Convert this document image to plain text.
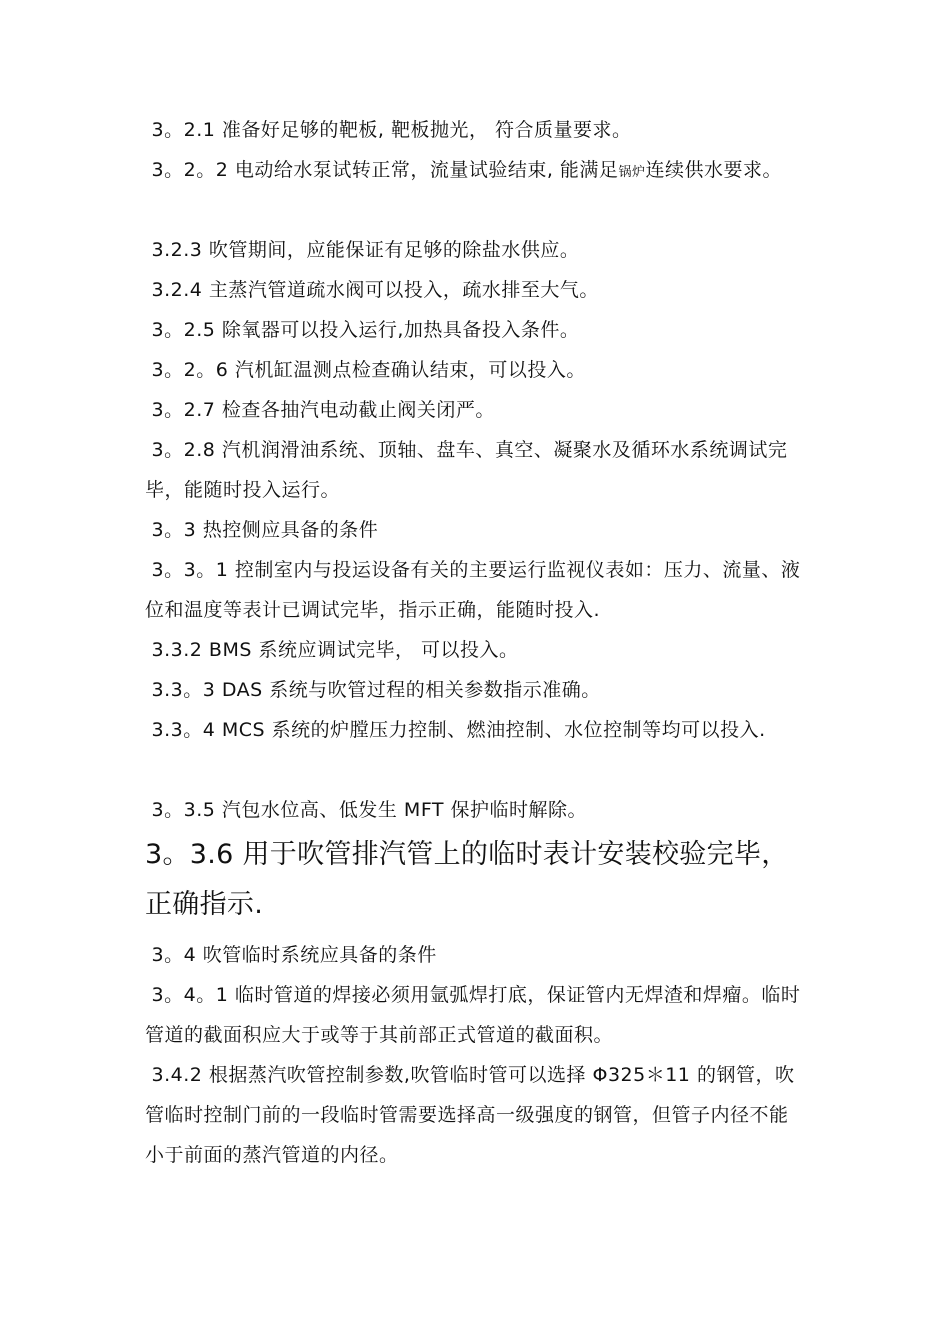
3。2.1 准备好足够的靶板, 靶板抛光， 符合质量要求。

3。2。2 电动给水泵试转正常，流量试验结束, 能满足锅炉连续供水要求。

3.2.3 吹管期间，应能保证有足够的除盐水供应。

3.2.4 主蒸汽管道疏水阀可以投入，疏水排至大气。

3。2.5 除氧器可以投入运行,加热具备投入条件。

3。2。6 汽机缸温测点检查确认结束，可以投入。

3。2.7 检查各抽汽电动截止阀关闭严。

3。2.8 汽机润滑油系统、顶轴、盘车、真空、凝聚水及循环水系统调试完毕，能随时投入运行。

3。3 热控侧应具备的条件

3。3。1 控制室内与投运设备有关的主要运行监视仪表如：压力、流量、液位和温度等表计已调试完毕，指示正确，能随时投入.

3.3.2 BMS 系统应调试完毕， 可以投入。

3.3。3 DAS 系统与吹管过程的相关参数指示准确。

3.3。4 MCS 系统的炉膛压力控制、燃油控制、水位控制等均可以投入.

3。3.5 汽包水位高、低发生 MFT 保护临时解除。

3。3.6 用于吹管排汽管上的临时表计安装校验完毕，正确指示.

3。4 吹管临时系统应具备的条件

3。4。1 临时管道的焊接必须用氩弧焊打底，保证管内无焊渣和焊瘤。临时管道的截面积应大于或等于其前部正式管道的截面积。

3.4.2 根据蒸汽吹管控制参数,吹管临时管可以选择 Φ325＊11 的钢管，吹管临时控制门前的一段临时管需要选择高一级强度的钢管，但管子内径不能小于前面的蒸汽管道的内径。
